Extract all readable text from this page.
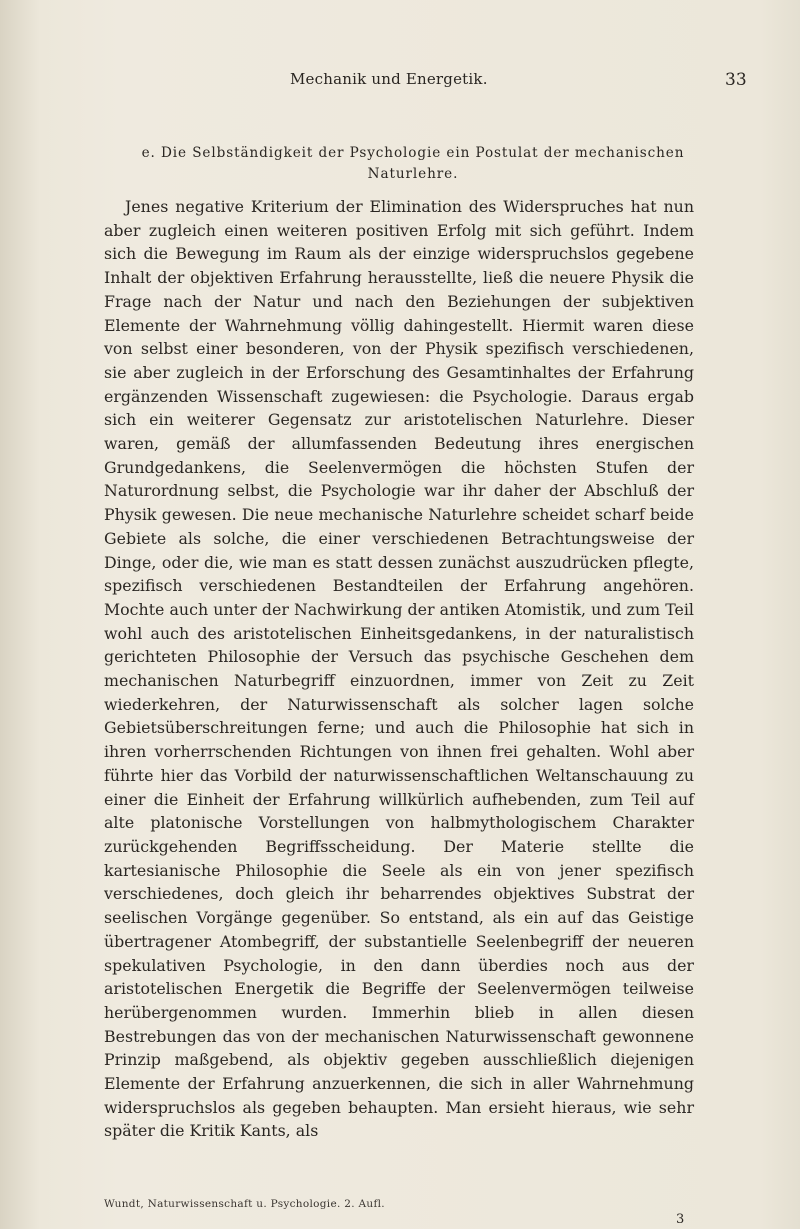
Mechanik und Energetik.	33
e. Die Selbständigkeit der Psychologie ein Postulat der mechanischen Naturlehre.

Jenes negative Kriterium der Elimination des Widerspruches hat nun aber zugleich einen weiteren positiven Erfolg mit sich geführt. Indem sich die Bewegung im Raum als der einzige widerspruchslos gegebene Inhalt der objektiven Erfahrung herausstellte, ließ die neuere Physik die Frage nach der Natur und nach den Beziehungen der subjektiven Elemente der Wahrnehmung völlig dahingestellt. Hiermit waren diese von selbst einer besonderen, von der Physik spezifisch verschiedenen, sie aber zugleich in der Erforschung des Gesamtinhaltes der Erfahrung ergänzenden Wissenschaft zugewiesen: die Psychologie. Daraus ergab sich ein weiterer Gegensatz zur aristotelischen Naturlehre. Dieser waren, gemäß der allumfassenden Bedeutung ihres energischen Grundgedankens, die Seelenvermögen die höchsten Stufen der Naturordnung selbst, die Psychologie war ihr daher der Abschluß der Physik gewesen. Die neue mechanische Naturlehre scheidet scharf beide Gebiete als solche, die einer verschiedenen Betrachtungsweise der Dinge, oder die, wie man es statt dessen zunächst auszudrücken pflegte, spezifisch verschiedenen Bestandteilen der Erfahrung angehören. Mochte auch unter der Nachwirkung der antiken Atomistik, und zum Teil wohl auch des aristotelischen Einheitsgedankens, in der naturalistisch gerichteten Philosophie der Versuch das psychische Geschehen dem mechanischen Naturbegriff einzuordnen, immer von Zeit zu Zeit wiederkehren, der Naturwissenschaft als solcher lagen solche Gebietsüberschreitungen ferne; und auch die Philosophie hat sich in ihren vorherrschenden Richtungen von ihnen frei gehalten. Wohl aber führte hier das Vorbild der naturwissenschaftlichen Weltanschauung zu einer die Einheit der Erfahrung willkürlich aufhebenden, zum Teil auf alte platonische Vorstellungen von halbmythologischem Charakter zurückgehenden Begriffsscheidung. Der Materie stellte die kartesianische Philosophie die Seele als ein von jener spezifisch verschiedenes, doch gleich ihr beharrendes objektives Substrat der seelischen Vorgänge gegenüber. So entstand, als ein auf das Geistige übertragener Atombegriff, der substantielle Seelenbegriff der neueren spekulativen Psychologie, in den dann überdies noch aus der aristotelischen Energetik die Begriffe der Seelenvermögen teilweise herübergenommen wurden. Immerhin blieb in allen diesen Bestrebungen das von der mechanischen Naturwissenschaft gewonnene Prinzip maßgebend, als objektiv gegeben ausschließlich diejenigen Elemente der Erfahrung anzuerkennen, die sich in aller Wahrnehmung widerspruchslos als gegeben behaupten. Man ersieht hieraus, wie sehr später die Kritik Kants, als

Wundt, Naturwissenschaft u. Psychologie. 2. Aufl.
3
